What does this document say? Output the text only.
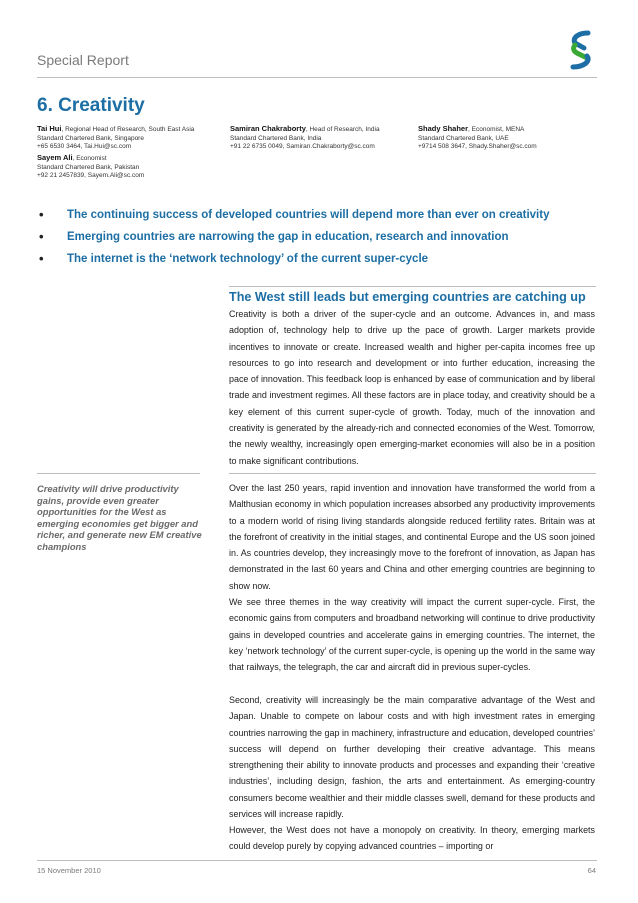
Special Report
6. Creativity
Tai Hui, Regional Head of Research, South East Asia
Standard Chartered Bank, Singapore
+65 6530 3464, Tai.Hui@sc.com
Samiran Chakraborty, Head of Research, India
Standard Chartered Bank, India
+91 22 6735 0049, Samiran.Chakraborty@sc.com
Shady Shaher, Economist, MENA
Standard Chartered Bank, UAE
+9714 508 3647, Shady.Shaher@sc.com
Sayem Ali, Economist
Standard Chartered Bank, Pakistan
+92 21 2457839, Sayem.Ali@sc.com
• The continuing success of developed countries will depend more than ever on creativity
• Emerging countries are narrowing the gap in education, research and innovation
• The internet is the ‘network technology’ of the current super-cycle
The West still leads but emerging countries are catching up

Creativity is both a driver of the super-cycle and an outcome. Advances in, and mass adoption of, technology help to drive up the pace of growth. Larger markets provide incentives to innovate or create. Increased wealth and higher per-capita incomes free up resources to go into research and development or into further education, increasing the pace of innovation. This feedback loop is enhanced by ease of communication and by liberal trade and investment regimes. All these factors are in place today, and creativity should be a key element of this current super-cycle of growth. Today, much of the innovation and creativity is generated by the already-rich and connected economies of the West. Tomorrow, the newly wealthy, increasingly open emerging-market economies will also be in a position to make significant contributions.

Creativity will drive productivity gains, provide even greater opportunities for the West as emerging economies get bigger and richer, and generate new EM creative champions

Over the last 250 years, rapid invention and innovation have transformed the world from a Malthusian economy in which population increases absorbed any productivity improvements to a modern world of rising living standards alongside reduced fertility rates. Britain was at the forefront of creativity in the initial stages, and continental Europe and the US soon joined in. As countries develop, they increasingly move to the forefront of innovation, as Japan has demonstrated in the last 60 years and China and other emerging countries are beginning to show now.

We see three themes in the way creativity will impact the current super-cycle. First, the economic gains from computers and broadband networking will continue to drive productivity gains in developed countries and accelerate gains in emerging countries. The internet, the key ‘network technology’ of the current super-cycle, is opening up the world in the same way that railways, the telegraph, the car and aircraft did in previous super-cycles.

Second, creativity will increasingly be the main comparative advantage of the West and Japan. Unable to compete on labour costs and with high investment rates in emerging countries narrowing the gap in machinery, infrastructure and education, developed countries’ success will depend on further developing their creative advantage. This means strengthening their ability to innovate products and processes and expanding their ‘creative industries’, including design, fashion, the arts and entertainment. As emerging-country consumers become wealthier and their middle classes swell, demand for these products and services will increase rapidly.

However, the West does not have a monopoly on creativity. In theory, emerging markets could develop purely by copying advanced countries – importing or

15 November 2010	64
